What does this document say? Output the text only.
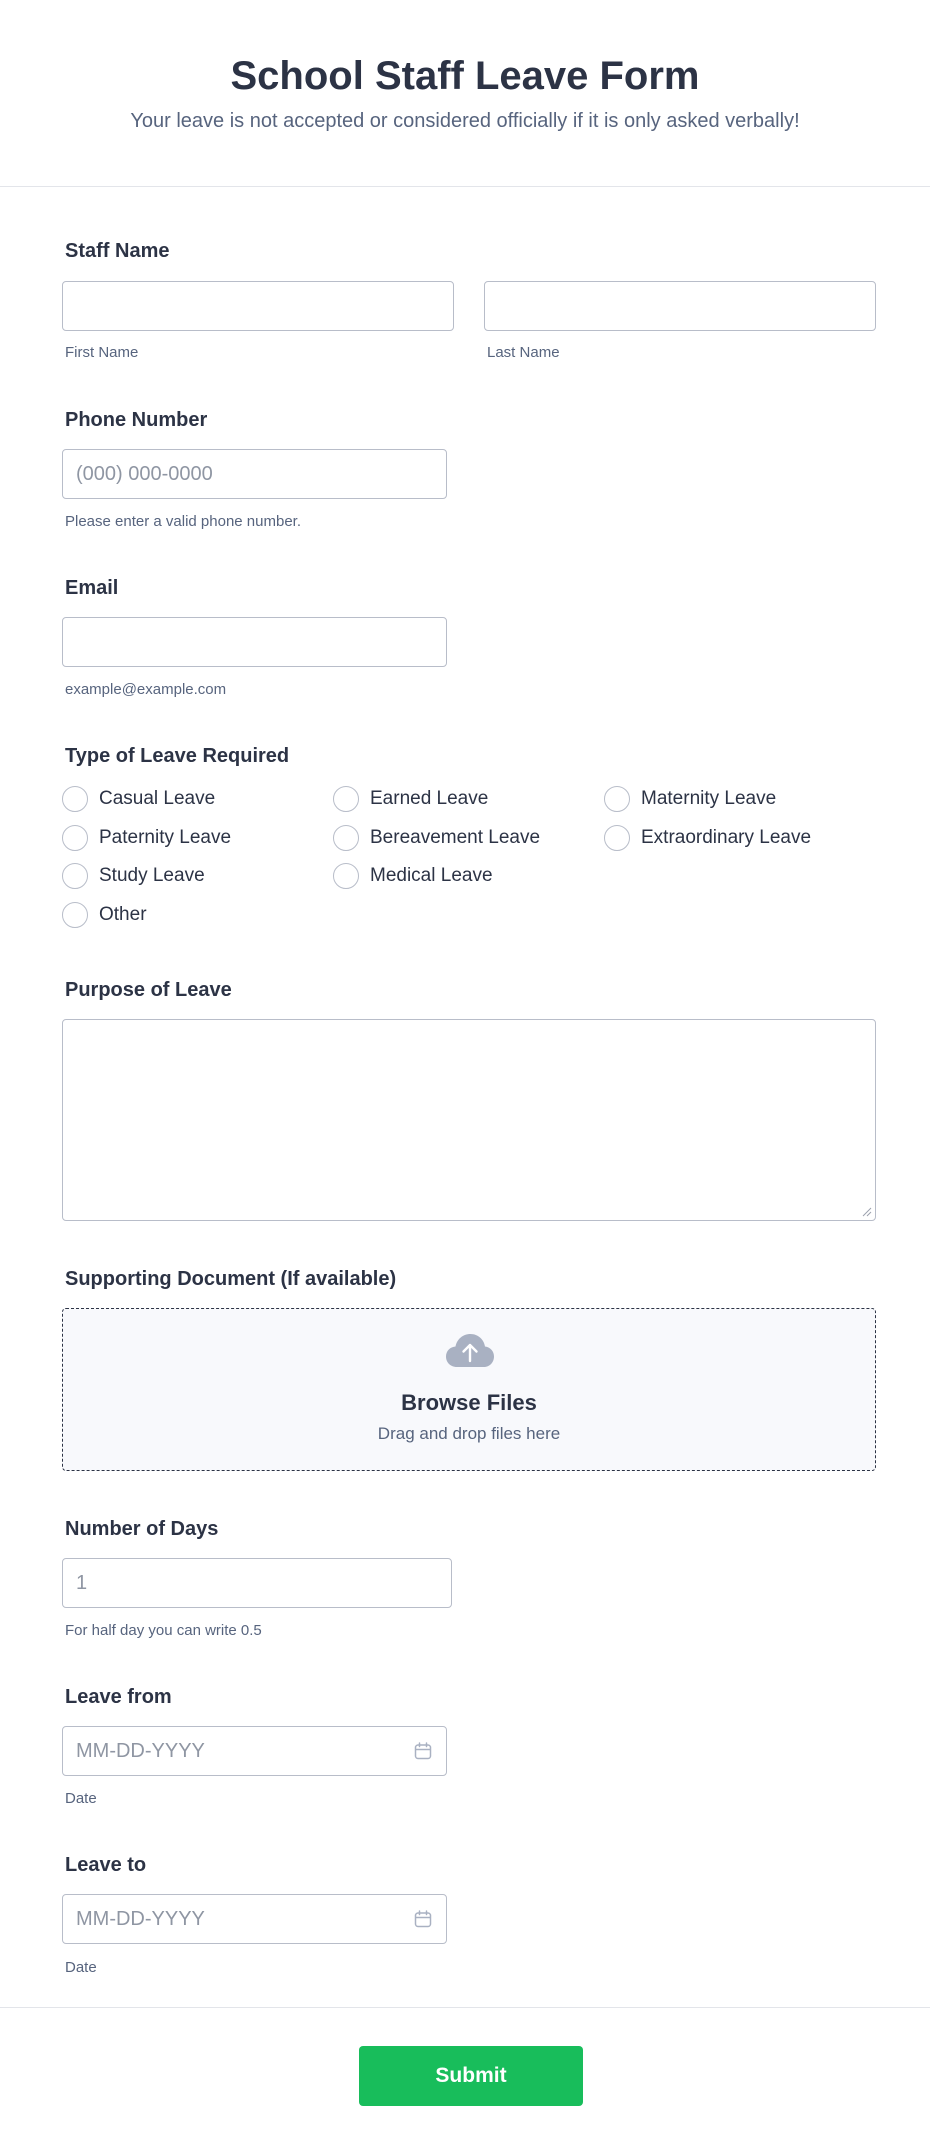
School Staff Leave Form
Your leave is not accepted or considered officially if it is only asked verbally!
Staff Name
First Name	Last Name
Phone Number
(000) 000-0000
Please enter a valid phone number.
Email
example@example.com
Type of Leave Required
Casual Leave	Earned Leave	Maternity Leave
Paternity Leave	Bereavement Leave	Extraordinary Leave
Study Leave	Medical Leave
Other
Purpose of Leave
Supporting Document (If available)
Browse Files
Drag and drop files here
Number of Days
1
For half day you can write 0.5
Leave from
MM-DD-YYYY
Date
Leave to
MM-DD-YYYY
Date
Submit
